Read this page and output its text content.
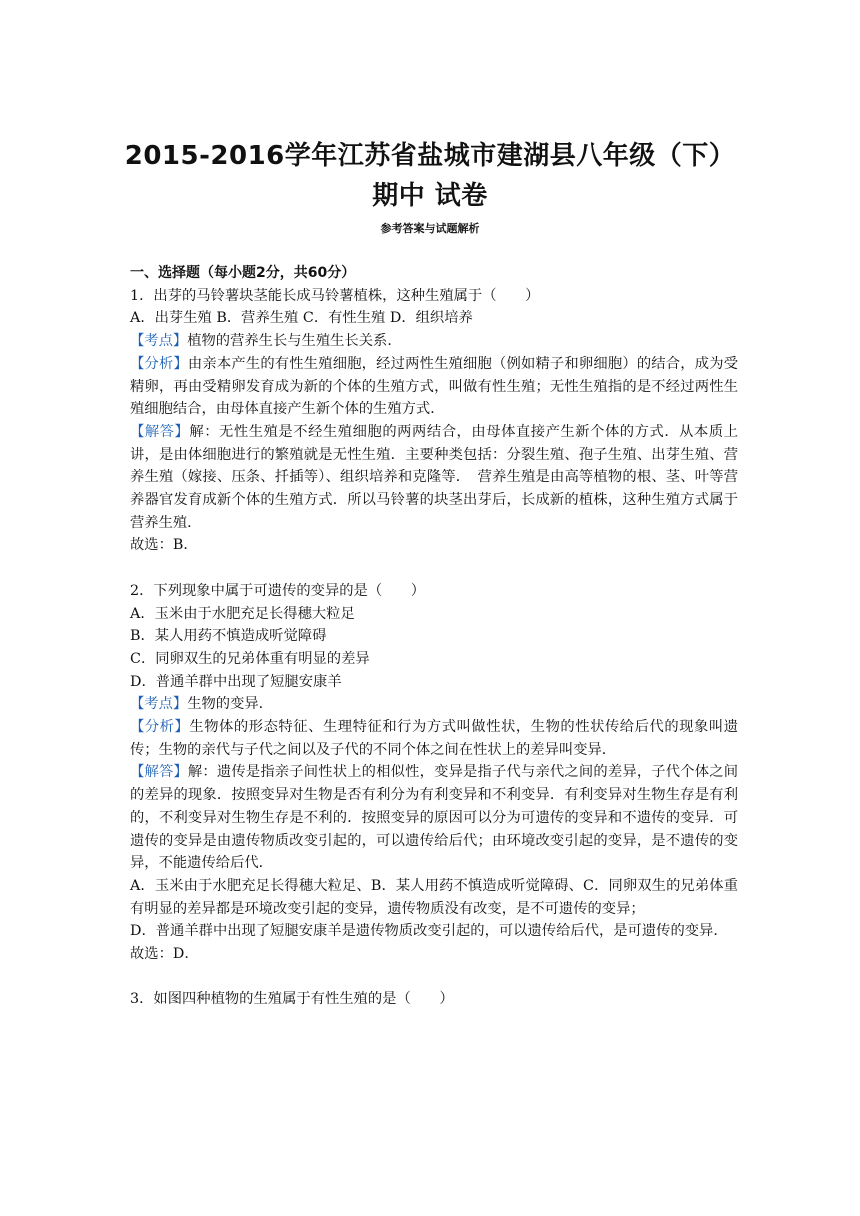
2015-2016学年江苏省盐城市建湖县八年级（下）期中 试卷
参考答案与试题解析

一、选择题（每小题2分，共60分）

1．出芽的马铃薯块茎能长成马铃薯植株，这种生殖属于（　　）

A．出芽生殖 B．营养生殖 C．有性生殖 D．组织培养

【考点】植物的营养生长与生殖生长关系．

【分析】由亲本产生的有性生殖细胞，经过两性生殖细胞（例如精子和卵细胞）的结合，成为受精卵，再由受精卵发育成为新的个体的生殖方式，叫做有性生殖；无性生殖指的是不经过两性生殖细胞结合，由母体直接产生新个体的生殖方式．

【解答】解：无性生殖是不经生殖细胞的两两结合，由母体直接产生新个体的方式．从本质上讲，是由体细胞进行的繁殖就是无性生殖．主要种类包括：分裂生殖、孢子生殖、出芽生殖、营养生殖（嫁接、压条、扦插等）、组织培养和克隆等．　营养生殖是由高等植物的根、茎、叶等营养器官发育成新个体的生殖方式．所以马铃薯的块茎出芽后，长成新的植株，这种生殖方式属于营养生殖．

故选：B．

2．下列现象中属于可遗传的变异的是（　　）

A．玉米由于水肥充足长得穗大粒足

B．某人用药不慎造成听觉障碍

C．同卵双生的兄弟体重有明显的差异

D．普通羊群中出现了短腿安康羊

【考点】生物的变异．

【分析】生物体的形态特征、生理特征和行为方式叫做性状，生物的性状传给后代的现象叫遗传；生物的亲代与子代之间以及子代的不同个体之间在性状上的差异叫变异．

【解答】解：遗传是指亲子间性状上的相似性，变异是指子代与亲代之间的差异，子代个体之间的差异的现象．按照变异对生物是否有利分为有利变异和不利变异．有利变异对生物生存是有利的，不利变异对生物生存是不利的．按照变异的原因可以分为可遗传的变异和不遗传的变异．可遗传的变异是由遗传物质改变引起的，可以遗传给后代；由环境改变引起的变异，是不遗传的变异，不能遗传给后代．

A．玉米由于水肥充足长得穗大粒足、B．某人用药不慎造成听觉障碍、C．同卵双生的兄弟体重有明显的差异都是环境改变引起的变异，遗传物质没有改变，是不可遗传的变异；

D．普通羊群中出现了短腿安康羊是遗传物质改变引起的，可以遗传给后代，是可遗传的变异．

故选：D．

3．如图四种植物的生殖属于有性生殖的是（　　）
